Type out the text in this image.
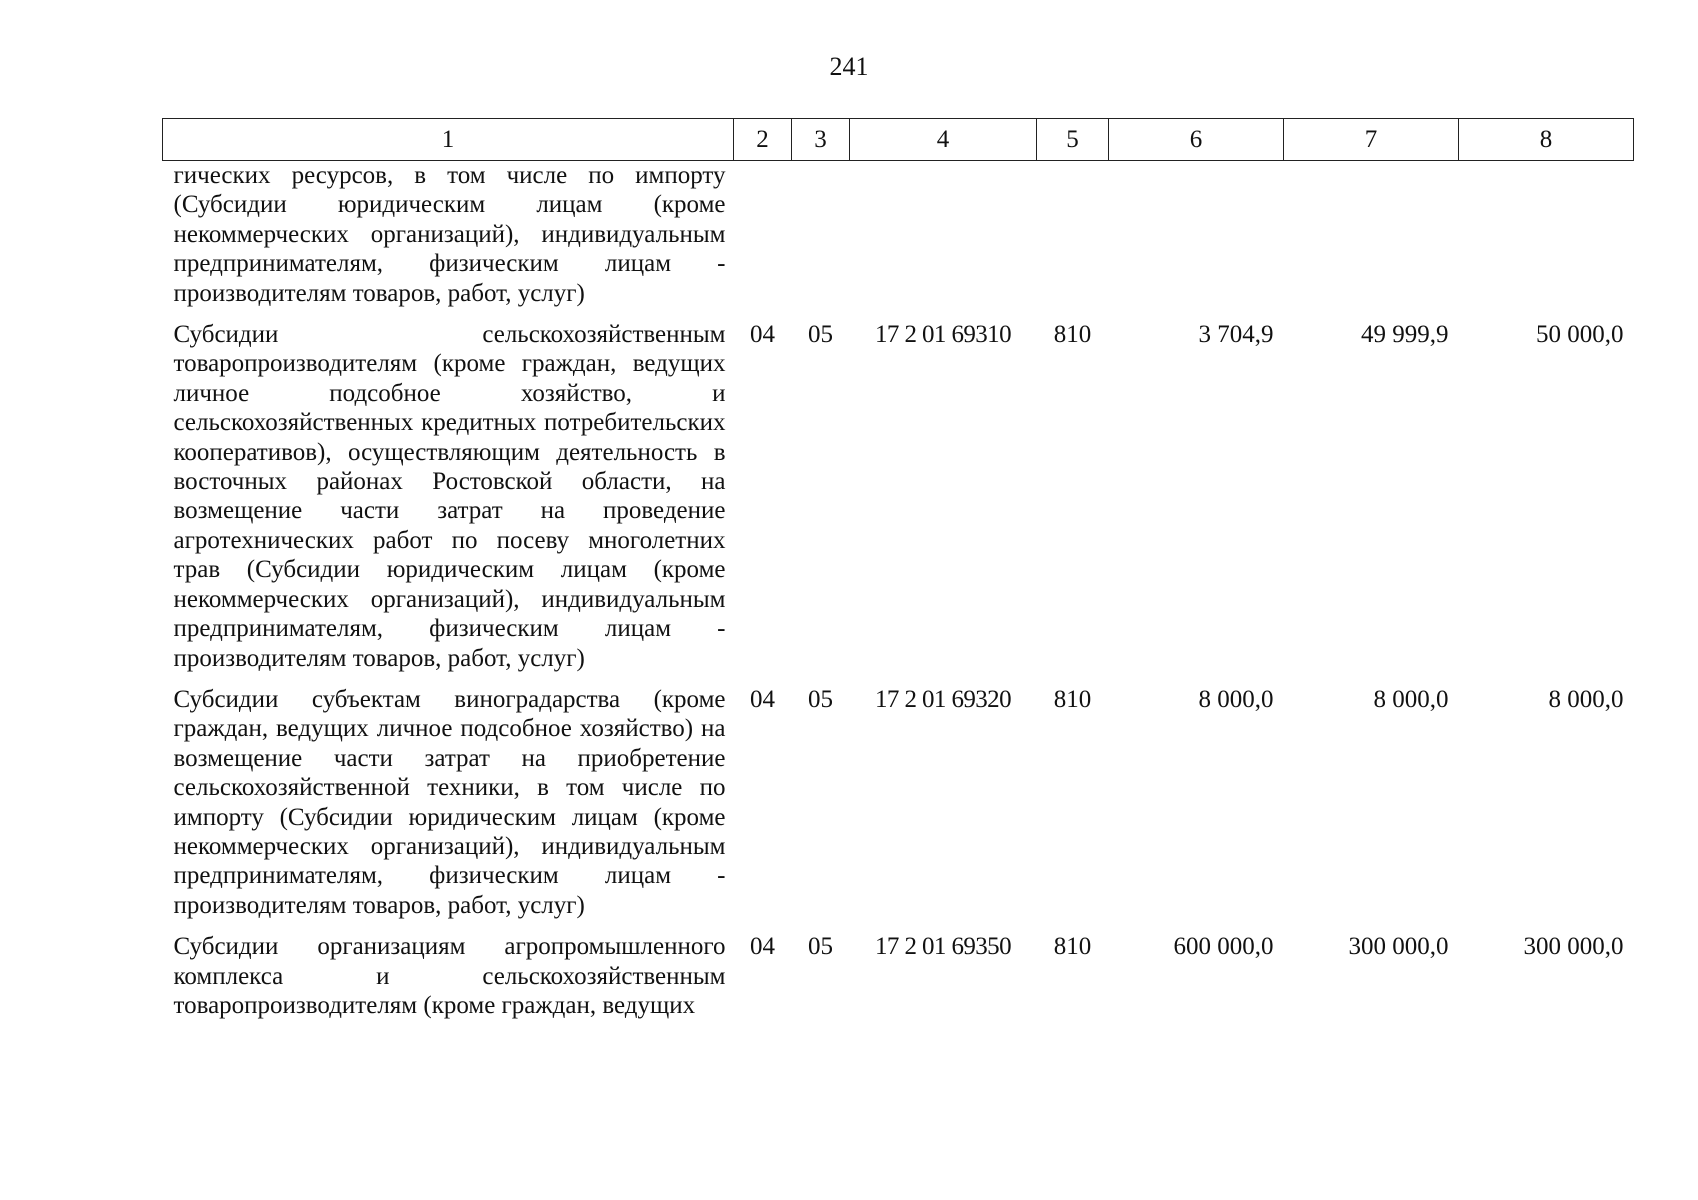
241
1	2	3	4	5	6	7	8
гических ресурсов, в том числе по импорту (Субсидии юридическим лицам (кроме некоммерческих организаций), индивидуальным предпринимателям, физическим лицам - производителям товаров, работ, услуг)							
Субсидии сельскохозяйственным товаропроизводителям (кроме граждан, ведущих личное подсобное хозяйство, и сельскохозяйственных кредитных потребительских кооперативов), осуществляющим деятельность в восточных районах Ростовской области, на возмещение части затрат на проведение агротехнических работ по посеву многолетних трав (Субсидии юридическим лицам (кроме некоммерческих организаций), индивидуальным предпринимателям, физическим лицам - производителям товаров, работ, услуг)	04	05	17 2 01 69310	810	3 704,9	49 999,9	50 000,0
Субсидии субъектам виноградарства (кроме граждан, ведущих личное подсобное хозяйство) на возмещение части затрат на приобретение сельскохозяйственной техники, в том числе по импорту (Субсидии юридическим лицам (кроме некоммерческих организаций), индивидуальным предпринимателям, физическим лицам - производителям товаров, работ, услуг)	04	05	17 2 01 69320	810	8 000,0	8 000,0	8 000,0
Субсидии организациям агропромышленного комплекса и сельскохозяйственным товаропроизводителям (кроме граждан, ведущих	04	05	17 2 01 69350	810	600 000,0	300 000,0	300 000,0
